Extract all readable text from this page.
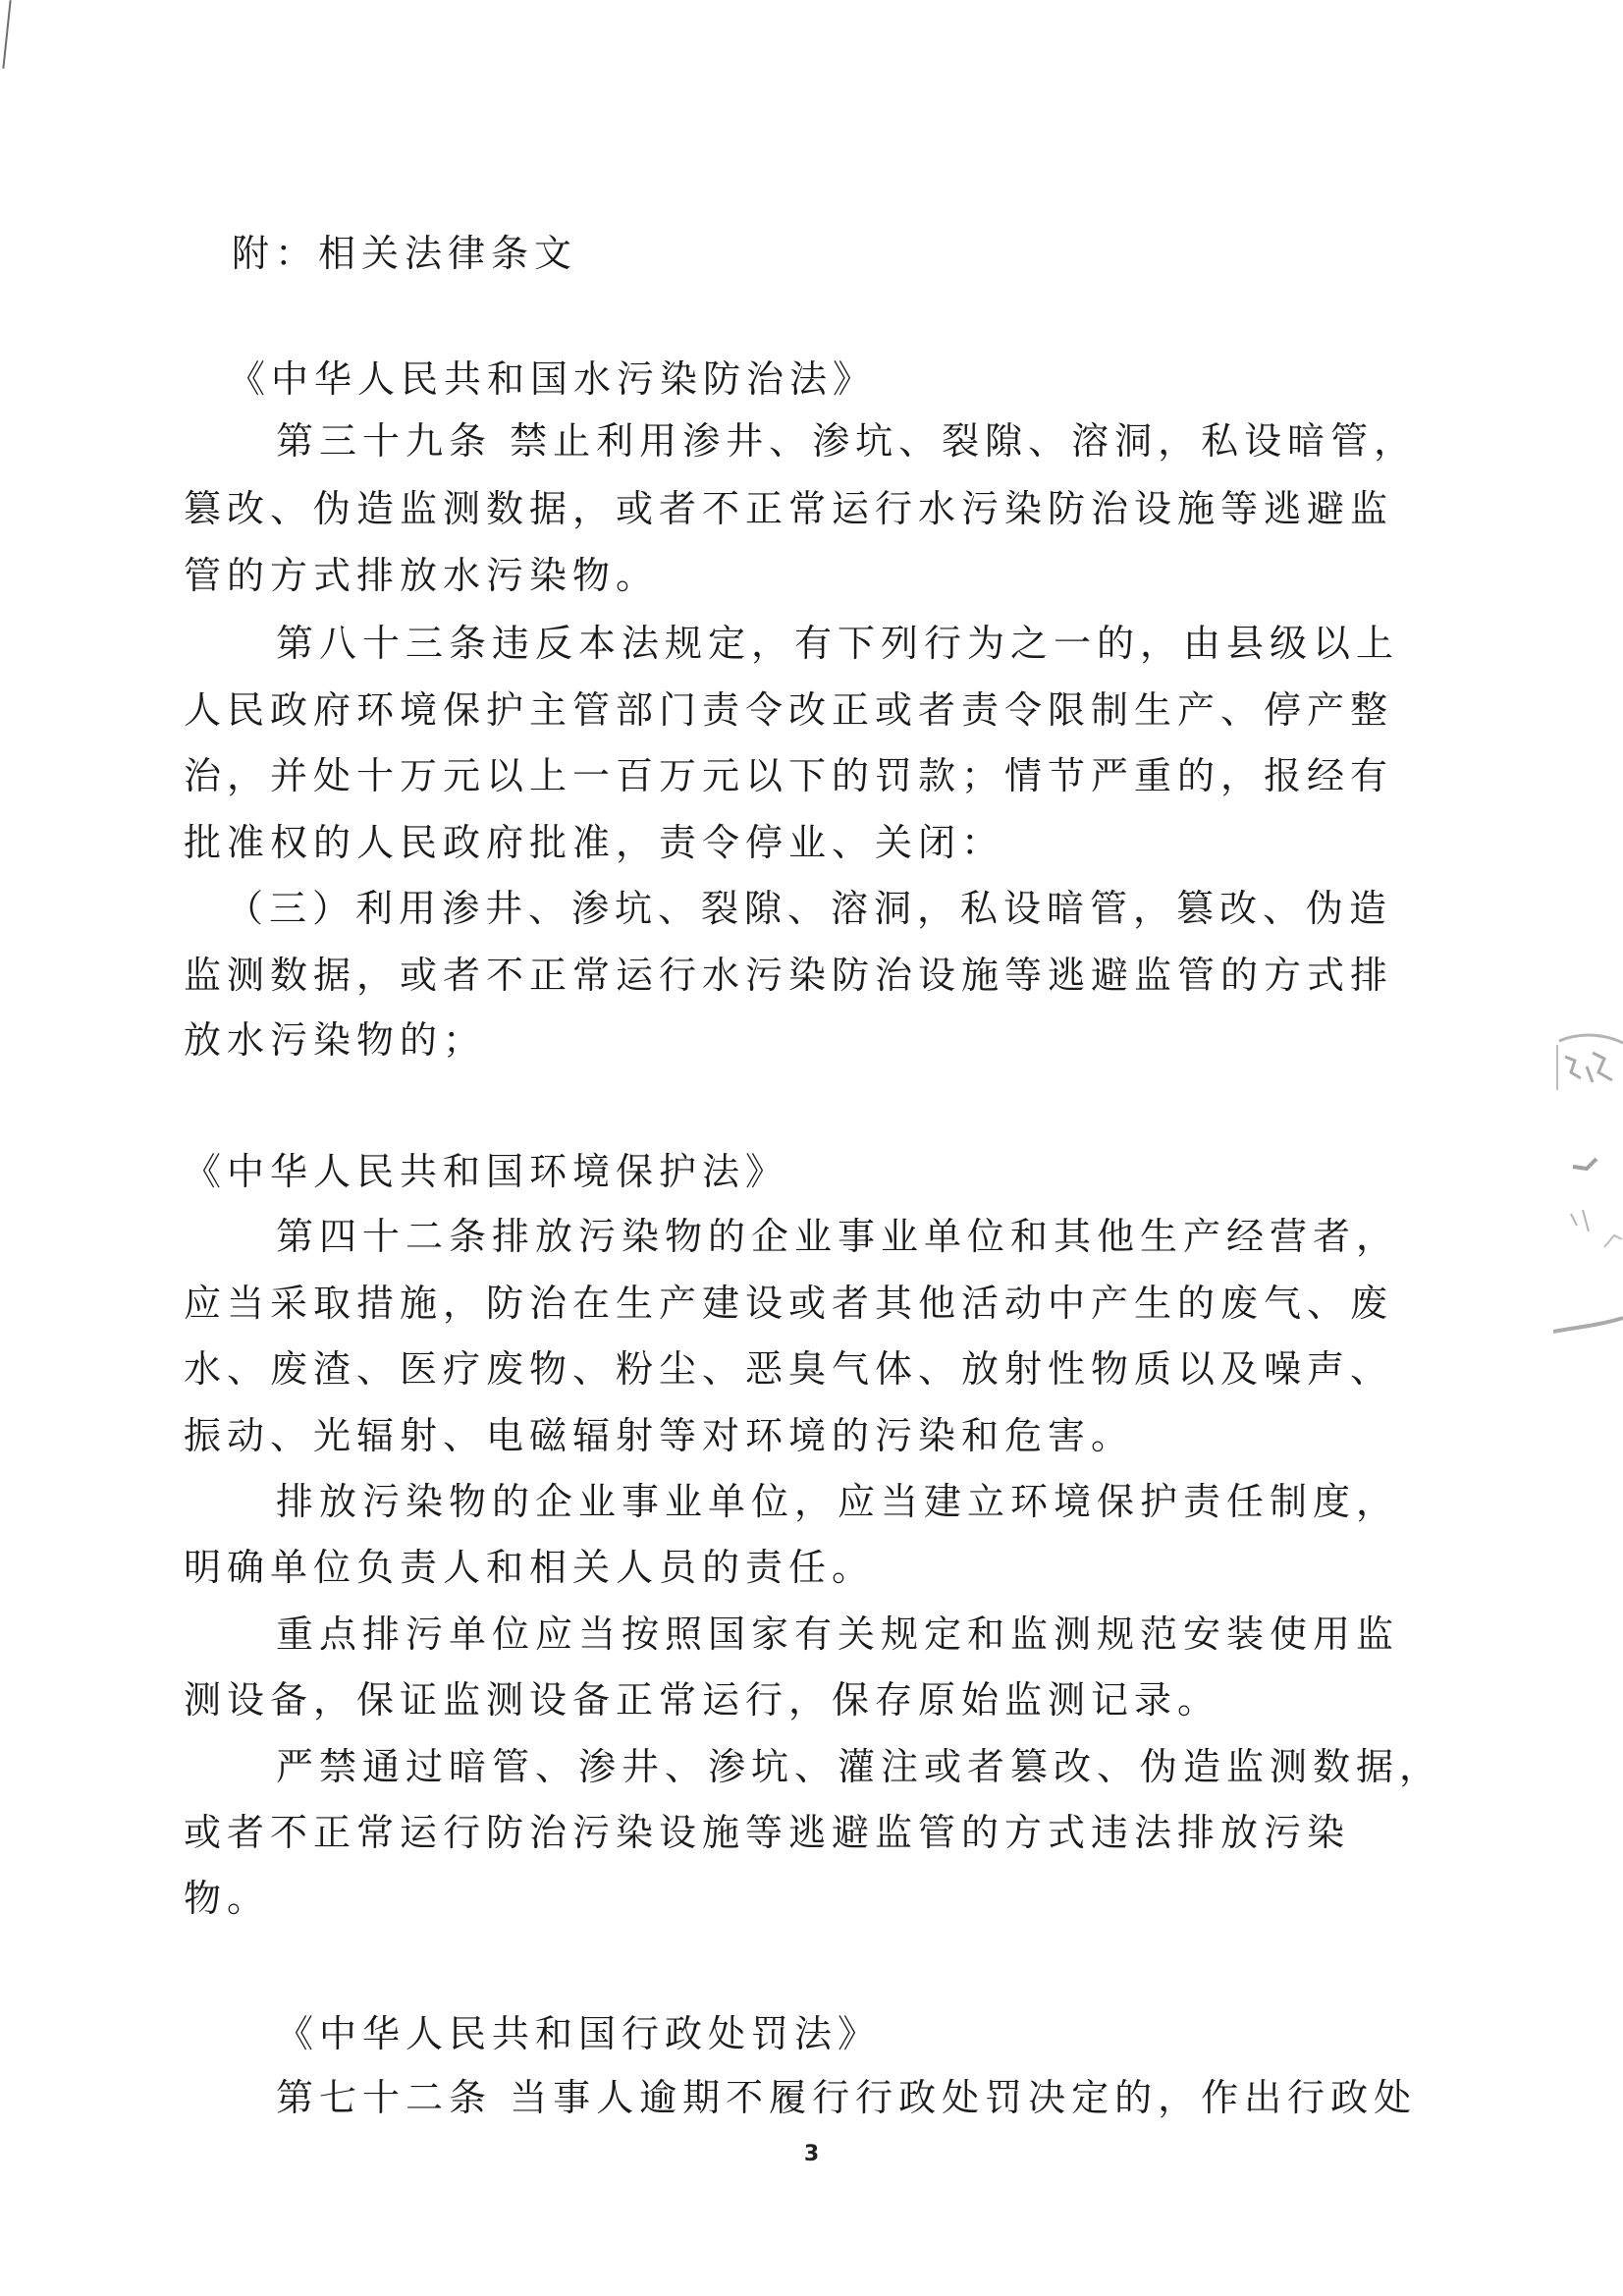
附：相关法律条文
《中华人民共和国水污染防治法》
第三十九条 禁止利用渗井、渗坑、裂隙、溶洞，私设暗管，
篡改、伪造监测数据，或者不正常运行水污染防治设施等逃避监
管的方式排放水污染物。
第八十三条违反本法规定，有下列行为之一的，由县级以上
人民政府环境保护主管部门责令改正或者责令限制生产、停产整
治，并处十万元以上一百万元以下的罚款；情节严重的，报经有
批准权的人民政府批准，责令停业、关闭：
（三）利用渗井、渗坑、裂隙、溶洞，私设暗管，篡改、伪造
监测数据，或者不正常运行水污染防治设施等逃避监管的方式排
放水污染物的；
《中华人民共和国环境保护法》
第四十二条排放污染物的企业事业单位和其他生产经营者，
应当采取措施，防治在生产建设或者其他活动中产生的废气、废
水、废渣、医疗废物、粉尘、恶臭气体、放射性物质以及噪声、
振动、光辐射、电磁辐射等对环境的污染和危害。
排放污染物的企业事业单位，应当建立环境保护责任制度，
明确单位负责人和相关人员的责任。
重点排污单位应当按照国家有关规定和监测规范安装使用监
测设备，保证监测设备正常运行，保存原始监测记录。
严禁通过暗管、渗井、渗坑、灌注或者篡改、伪造监测数据，
或者不正常运行防治污染设施等逃避监管的方式违法排放污染
物。
《中华人民共和国行政处罚法》
第七十二条 当事人逾期不履行行政处罚决定的，作出行政处
3
